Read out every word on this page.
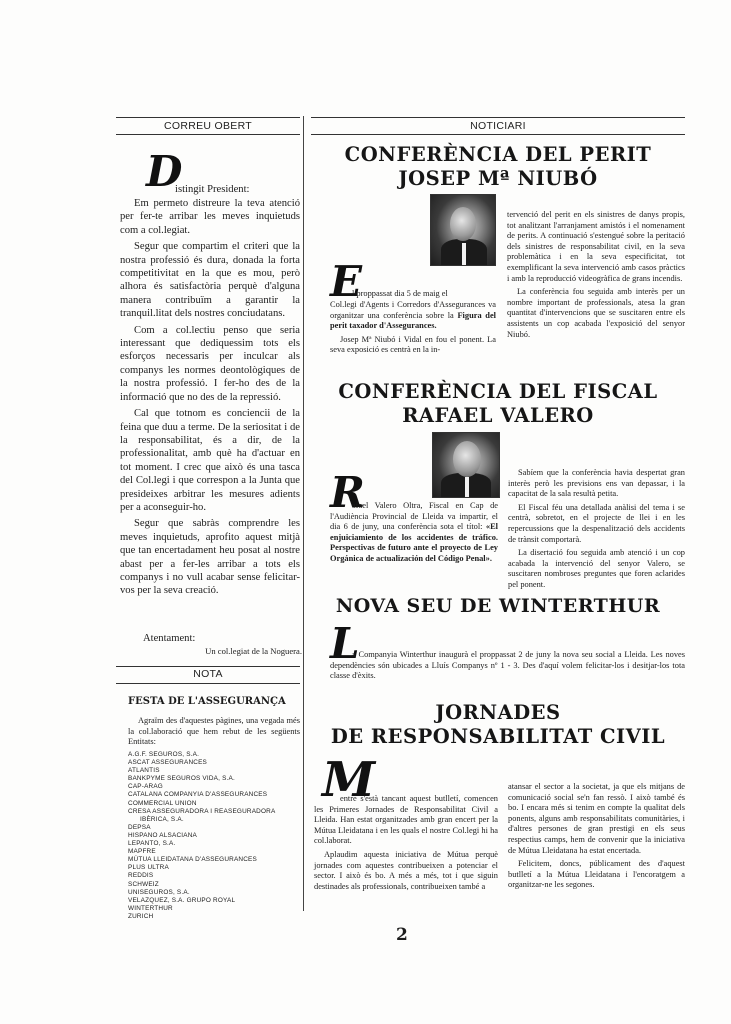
CORREU OBERT
D
istingit President:

Em permeto distreure la teva atenció per fer-te arribar les meves inquietuds com a col.legiat.

Segur que compartim el criteri que la nostra professió és dura, donada la forta competitivitat en la que es mou, però alhora és satisfactòria perquè d'alguna manera contribuïm a garantir la tranquil.litat dels nostres conciudatans.

Com a col.lectiu penso que seria interessant que dediquessim tots els esforços necessaris per inculcar als companys les normes deontològiques de la nostra professió. I fer-ho des de la informació que no des de la repressió.

Cal que totnom es conciencii de la feina que duu a terme. De la seriositat i de la responsabilitat, és a dir, de la professionalitat, amb què ha d'actuar en tot moment. I crec que això és una tasca del Col.legi i que correspon a la Junta que presideixes arbitrar les mesures adients per a aconseguir-ho.

Segur que sabràs comprendre les meves inquietuds, aprofito aquest mitjà que tan encertadament heu posat al nostre abast per a fer-les arribar a tots els companys i no vull acabar sense felicitar-vos per la seva creació.

Atentament:
Un col.legiat de la Noguera.
NOTA
FESTA DE L'ASSEGURANÇA

Agraïm des d'aquestes pàgines, una vegada més la col.laboració que hem rebut de les següents Entitats:

A.G.F. SEGUROS, S.A.
ASCAT ASSEGURANCES
ATLANTIS
BANKPYME SEGUROS VIDA, S.A.
CAP-ARAG
CATALANA COMPANYIA D'ASSEGURANCES
COMMERCIAL UNION
CRESA ASSEGURADORA I REASEGURADORA
IBÈRICA, S.A.
DEPSA
HISPANO ALSACIANA
LEPANTO, S.A.
MAPFRE
MÚTUA LLEIDATANA D'ASSEGURANCES
PLUS ULTRA
REDDIS
SCHWEIZ
UNISEGUROS, S.A.
VELAZQUEZ, S.A. GRUPO ROYAL
WINTERTHUR
ZURICH
NOTICIARI
CONFERÈNCIA DEL PERIT
JOSEP Mª NIUBÓ
E
l proppassat dia 5 de maig el

Col.legi d'Agents i Corredors d'Assegurances va organitzar una conferència sobre la Figura del perit taxador d'Assegurances.

Josep Mª Niubó i Vidal en fou el ponent. La seva exposició es centrà en la in-

tervenció del perit en els sinistres de danys propis, tot analitzant l'arranjament amistós i el nomenament de perits. A continuació s'estengué sobre la peritació dels sinistres de responsabilitat civil, en la seva problemàtica i en la seva especificitat, tot exemplificant la seva intervenció amb casos pràctics i amb la reproducció videogràfica de grans incendis.

La conferència fou seguida amb interès per un nombre important de professionals, atesa la gran quantitat d'intervencions que se suscitaren entre els assistents un cop acabada l'exposició del senyor Niubó.

CONFERÈNCIA DEL FISCAL
RAFAEL VALERO
R

afael Valero Oltra, Fiscal en Cap de l'Audiència Provincial de Lleida va impartir, el dia 6 de juny, una conferència sota el títol: «El enjuiciamiento de los accidentes de tráfico. Perspectivas de futuro ante el proyecto de Ley Orgánica de actualización del Código Penal».

Sabíem que la conferència havia despertat gran interès però les previsions ens van depassar, i la capacitat de la sala resultà petita.

El Fiscal féu una detallada anàlisi del tema i se centrà, sobretot, en el projecte de llei i en les repercussions que la despenalització dels accidents de trànsit comportarà.

La disertació fou seguida amb atenció i un cop acabada la intervenció del senyor Valero, se suscitaren nombroses preguntes que foren aclarides pel ponent.

NOVA SEU DE WINTERTHUR
L

a Companyia Winterthur inaugurà el proppassat 2 de juny la nova seu social a Lleida. Les noves dependències són ubicades a Lluís Companys nº 1 - 3. Des d'aquí volem felicitar-los i desitjar-los tota classe d'èxits.

JORNADES
DE RESPONSABILITAT CIVIL
M

entre s'està tancant aquest butlletí, comencen les Primeres Jornades de Responsabilitat Civil a Lleida. Han estat organitzades amb gran encert per la Mútua Lleidatana i en les quals el nostre Col.legi hi ha col.laborat.

Aplaudim aquesta iniciativa de Mútua perquè jornades com aquestes contribueixen a potenciar el sector. I això és bo. A més a més, tot i que siguin destinades als professionals, contribueixen també a

atansar el sector a la societat, ja que els mitjans de comunicació social se'n fan ressò. I això també és bo. I encara més si tenim en compte la qualitat dels ponents, alguns amb responsabilitats comunitàries, i d'altres persones de gran prestigi en els seus respectius camps, hem de convenir que la iniciativa de Mútua Lleidatana ha estat encertada.

Felicitem, doncs, públicament des d'aquest butlletí a la Mútua Lleidatana i l'encoratgem a organitzar-ne les segones.

2
